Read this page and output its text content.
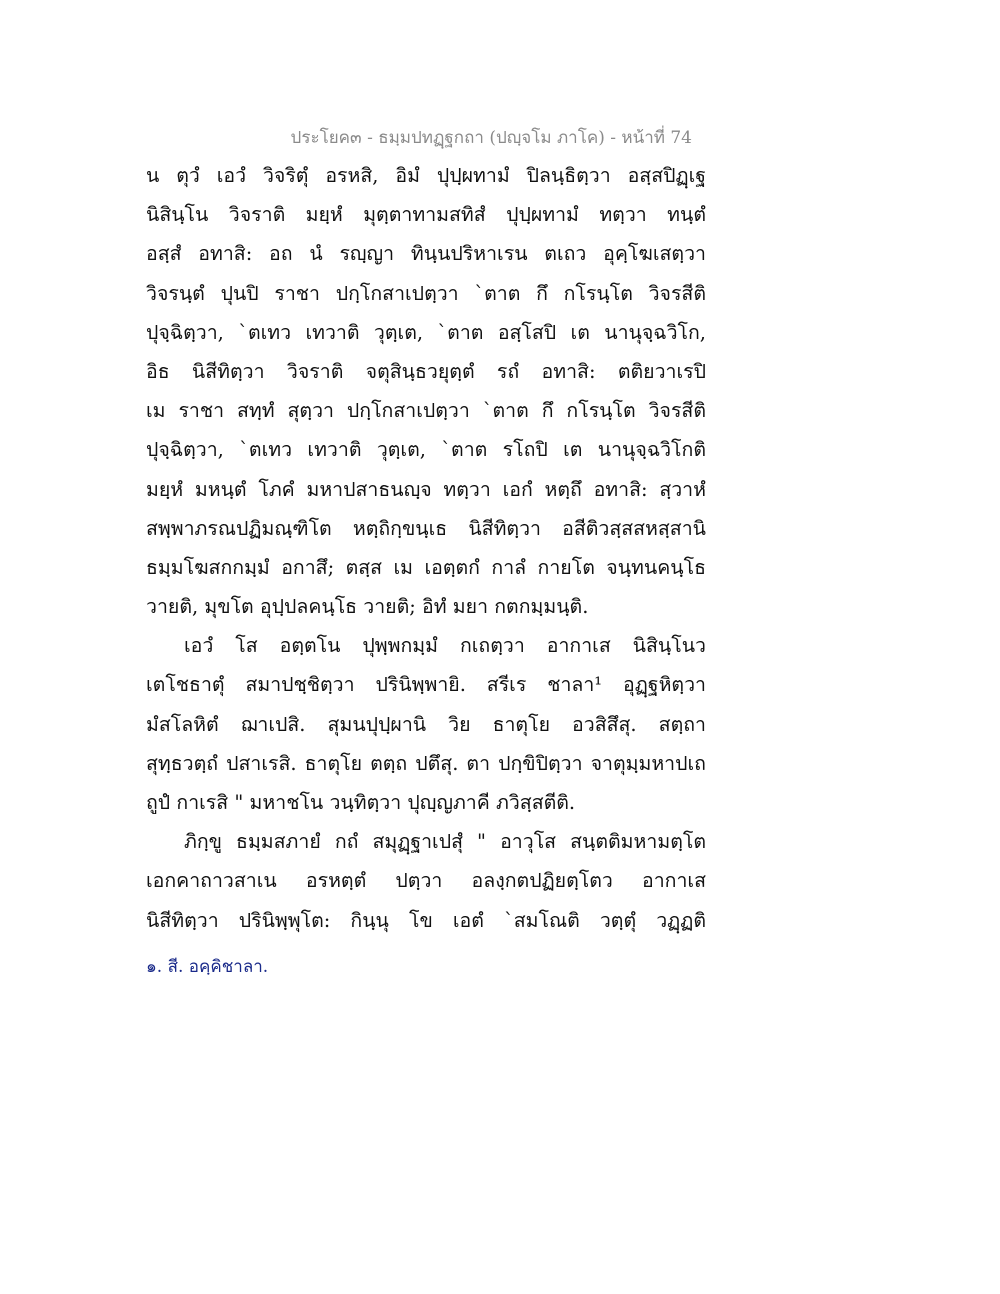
ประโยค๓ - ธมฺมปทฏฺฐกถา (ปญฺจโม ภาโค) - หน้าที่ 74
น ตุวํ เอวํ วิจริตุํ อรหสิ, อิมํ ปุปฺผทามํ ปิลนฺธิตฺวา อสฺสปิฏฺเฐ
นิสินฺโน วิจราติ มยฺหํ มุตฺตาทามสทิสํ ปุปฺผทามํ ทตฺวา ทนฺตํ
อสฺสํ อทาสิ: อถ นํ รญฺญา ทินฺนปริหาเรน ตเถว อุคฺโฆเสตฺวา
วิจรนฺตํ ปุนปิ ราชา ปกฺโกสาเปตฺวา `ตาต กึ กโรนฺโต วิจรสีติ
ปุจฺฉิตฺวา, `ตเทว เทวาติ วุตฺเต, `ตาต อสฺโสปิ เต นานุจฺฉวิโก,
อิธ นิสีทิตฺวา วิจราติ จตุสินฺธวยุตฺตํ รถํ อทาสิ: ตติยวาเรปิ
เม ราชา สทฺทํ สุตฺวา ปกฺโกสาเปตฺวา `ตาต กึ กโรนฺโต วิจรสีติ
ปุจฺฉิตฺวา, `ตเทว เทวาติ วุตฺเต, `ตาต รโถปิ เต นานุจฺฉวิโกติ
มยฺหํ มหนฺตํ โภคํ มหาปสาธนญฺจ ทตฺวา เอกํ หตฺถึ อทาสิ: สฺวาหํ
สพฺพาภรณปฏิมณฺฑิโต หตฺถิกฺขนฺเธ นิสีทิตฺวา อสีติวสฺสสหสฺสานิ
ธมฺมโฆสกกมฺมํ อกาสึ; ตสฺส เม เอตฺตกํ กาลํ กายโต จนฺทนคนฺโธ
วายติ, มุขโต อุปฺปลคนฺโธ วายติ; อิทํ มยา กตกมฺมนฺติ.
เอวํ โส อตฺตโน ปุพฺพกมฺมํ กเถตฺวา อากาเส นิสินฺโนว
เตโชธาตุํ สมาปชฺชิตฺวา ปรินิพฺพายิ. สรีเร ชาลา¹ อุฏฺฐหิตฺวา
มํสโลหิตํ ฌาเปสิ. สุมนปุปฺผานิ วิย ธาตุโย อวสิสึสุ. สตฺถา
สุทฺธวตฺถํ ปสาเรสิ. ธาตุโย ตตฺถ ปตึสุ. ตา ปกฺขิปิตฺวา จาตุมฺมหาปเถ
ถูปํ กาเรสิ " มหาชโน วนฺทิตฺวา ปุญฺญภาคี ภวิสฺสตีติ.
ภิกฺขู ธมฺมสภายํ กถํ สมุฏฺฐาเปสุํ " อาวุโส สนฺตติมหามตฺโต
เอกคาถาวสาเน อรหตฺตํ ปตฺวา อลงฺกตปฏิยตฺโตว อากาเส
นิสีทิตฺวา ปรินิพฺพุโต: กินฺนุ โข เอตํ `สมโณติ วตฺตุํ วฏฺฏติ
๑. สี. อคฺคิชาลา.
